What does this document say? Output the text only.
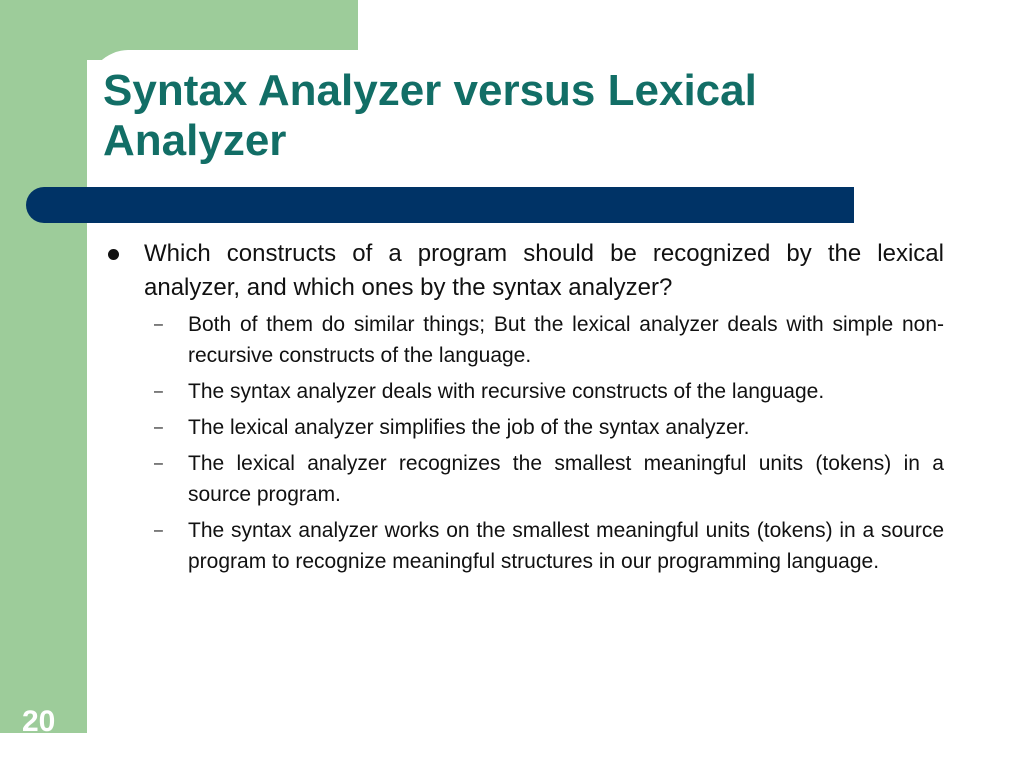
Syntax Analyzer versus Lexical Analyzer

Which constructs of a program should be recognized by the lexical analyzer, and which ones by the syntax analyzer?

– Both of them do similar things; But the lexical analyzer deals with simple non-recursive constructs of the language.

– The syntax analyzer deals with recursive constructs of the language.

– The lexical analyzer simplifies the job of the syntax analyzer.

– The lexical analyzer recognizes the smallest meaningful units (tokens) in a source program.

– The syntax analyzer works on the smallest meaningful units (tokens) in a source program to recognize meaningful structures in our programming language.

20
